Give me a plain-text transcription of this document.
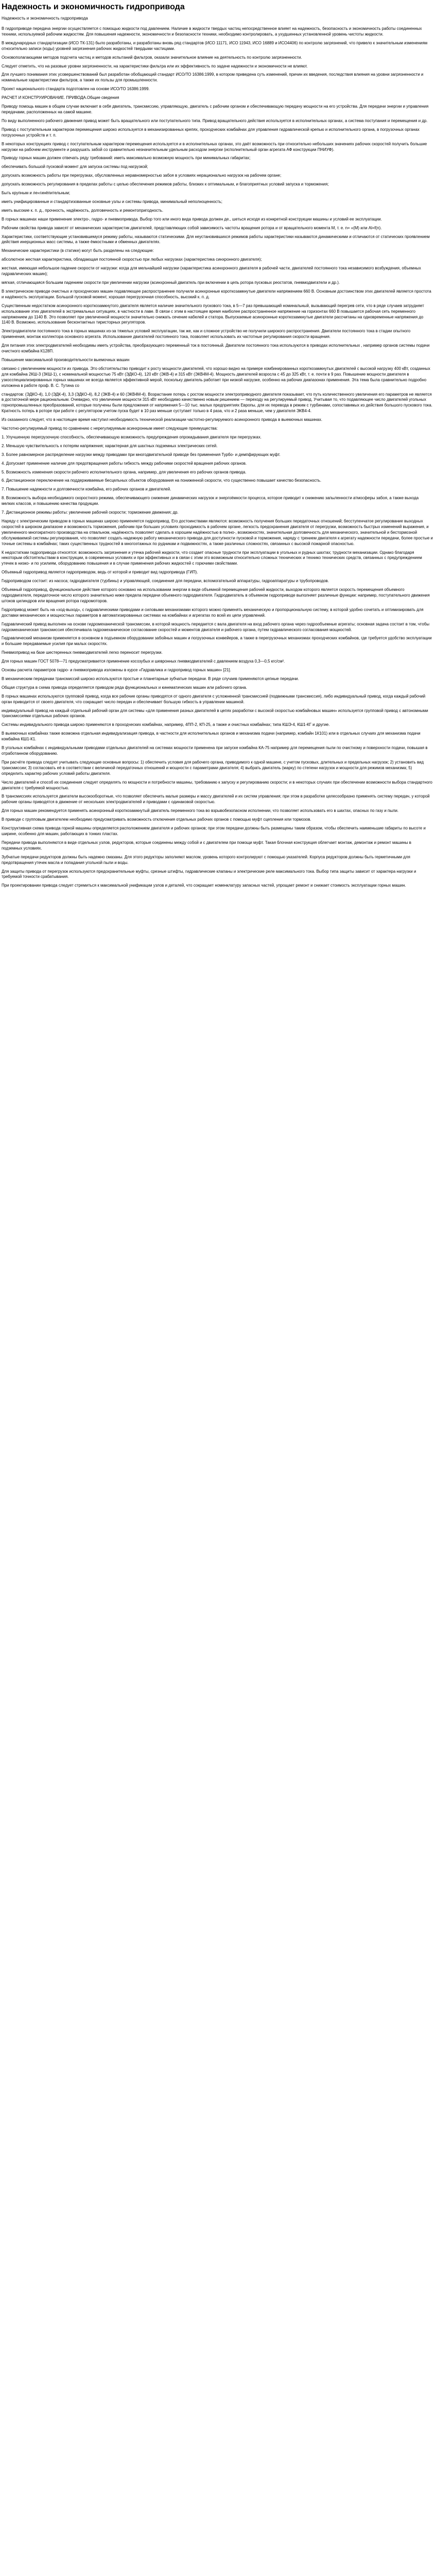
Надежность и экономичность гидропривода
Надежность и экономичность гидропривода

В гидроприводе передача энергии осуществляется с помощью жидкости под давлением. Наличие в жидкости твердых частиц непосредственное влияет на надежность, безопасность и экономичность работы соединенных техники, используемой рабочим жидкостям. Для повышения надежности, экономичности и безопасности техники, необходимо контролировать, а ухудшенных установленной уровень чистоты жидкости.

В международных стандартизации (ИСО ТК-131) было разработаны, и разработаны вновь ряд стандартов (ИСО 11171, ИСО 11943, ИСО 16889 и ИСО4406) по контролю загрязнений, что привело к значительным изменениям относительно записи (коды) уровней загрязнения рабочих жидкостей твердыми частицами.

Основополагающими методов подсчета частиц и методов испытаний фильтров, оказали значительное влияние на деятельность по контролю загрязненности.

Следует отметить, что на разовые уровни загрязненности, на характеристики фильтра или их эффективность по задаче надежности и экономичности не влияют.

Для лучшего понимания этих усовершенствований был разработан обобщающий стандарт ИСО/ТО 16386:1999, в котором приведена суть изменений, причин их введения, последствия влияния на уровни загрязненности и номинальные характеристики фильтров, а также их пользы для промышленности.

Проект национального стандарта подготовлен на основе ИСО/ТО 16386:1999.

РАСЧЕТ И КОНСТРУИРОВАНИЕ. ПРИВОДА.Общие сведения

Приводу помощь машин в общем случае включает в себя двигатель, трансмиссию, управляющую, двигатель с рабочим органом и обеспечивающую передачу мощности на его устройства. Для передачи энергии и управления передачами, расположенных на самой машине.

По виду выполненного рабочего движения привод может быть вращательного или поступательного типа. Привод вращательного действия используется в исполнительных органах, а система поступания и перемещения и др.

Привод с поступательным характером перемещения широко используется в механизированных крепях, проходческих комбайнах для управления гидравлической крепью и исполнительного органа, в погрузочных органах погрузочных устройств и т. п.

В некоторых конструкциях привод с поступательным характером перемещения используется и в исполнительных органах, это даёт возможность при относительно небольших значениях рабочих скоростей получить большие нагрузки на рабочем инструменте и разрушать забой со сравнительно незначительным удельным расходом энергии (исполнительный орган агрегата АФ конструкции ПНИУФ).

Приводу горных машин должен отвечать ряду требований: иметь максимально возможную мощность при минимальных габаритах;

обеспечивать большой пусковой момент для запуска системы под нагрузкой;

допускать возможность работы при перегрузках, обусловленных неравномерностью забоя в условиях нерационально нагрузок на рабочем органе;

допускать возможность регулирования в пределах работы с целью обеспечения режимов работы, близких к оптимальным, и благоприятных условий запуска и торможения;

Быть крупным и ле«гинёпительным;

иметь унифицированные и стандартизованные основные узлы и системы привода, минимальный неполноценность;

иметь высокие к. п. д., прочность, надёжность, долговечность и ремонтопригодность.

В горных машинах наши применение электро-, гидро- и пневмопривода. Выбор того или иного вида привода должен де., шеться исходя из конкретной конструкции машины и условий ее эксплуатации.

Рабочим свойства привода зависят от механических характеристик двигателей, представляющих собой зависимость частоты вращения ротора и от вращательного момента М, т. е. n= «(М) или Al=f(n).

Характеристики, соответствующие установившемуся режиму работы, называются статическими. Для неустановившихся режимов работы характеристики называются динамическими и отличаются от статических проявлением действия инерционных масс системы, а также ёмкостными и обменных двигателях.

Механические характеристики (в статике) могут быть разделены на следующие:

абсолютное жесткая характеристика, обладающая постоянной скоростью при любых нагрузках (характеристика синхронного двигателя);

жесткая, имеющая небольшое падение скорости от нагрузки: когда для мельчайшей нагрузки (характеристика асинхронного двигателя в рабочей части, двигателей постоянного тока независимого возбуждения, объемных гидравлических машин);

мягкая, отличающаяся большим падением скорости при увеличении нагрузки (асинхронный двигатель при включении в цепь ротора пусковых реостатов, пневмодвигатели и др.).

В электрическом приводе очистных и проходческих машин подавляющее распространение получили асинхронные короткозамкнутые двигатели напряжением 660 В. Основным достоинством этих двигателей является простота и надёжность эксплуатации. Большой пусковой момент, хорошая перегрузочная способность, высокий к. п. д.

Существенным недостатком асинхронного короткозамкнутого двигателя является наличие значительного пускового тока, в 5—7 раз превышающий номинальный, вызывающий перегрев сети, что в ряде случаев затрудняет использование этих двигателей в экстремальных ситуациях, в частности в лаве. В связи с этим в настоящее время наиболее распространенное напряжение на горизонтах 660 В повышается рабочая сеть переменного напряжением до 1140 В. Это позволяет при увеличенной мощности значительно снижать сечение кабелей и статора. Выпускаемые асинхронные короткозамкнутые двигатели рассчитаны на одновременные напряжения до 1140 В. Возможно, использование бесконтактных тиристорных регуляторов.

Электродвигатели постоянного тока в горных машинах из-за тяжелых условий эксплуатации, так же, как и сложное устройство не получили широкого распространения. Двигатели постоянного тока в стадии опытного применения, монтаж коллектора основного агрегата. Использование двигателей постоянного тока, позволяет использовать их частотные регулирования скорости вращения.

Для питания этих электродвигателей необходимы иметь устройства, преобразующего переменный ток в постоянный. Двигатели постоянного тока используются в приводах исполнительных , например органов системы подачи очистного комбайна К128П.

Повышение максимальной производительности выемочных машин

связано с увеличением мощности их привода. Это обстоятельство приводит к росту мощности двигателей, что хорошо видно на примере комбинированных короткозамкнутых двигателей с высокой нагрузку 400 кВт, созданных для комбайна 2КШ-3 (ЗКШ-1), с номинальной мощностью 75 кВт (ЭДКО-4), 120 кВт (ЭКВ-4) и 315 кВт (ЭКВ4М-4). Мощность двигателей возросла с 45 до 325 кВт, т. е. почти в 9 раз. Повышение мощности двигателя в узкосспециализированных горных машинах не всегда является эффективной мерой, поскольку двигатель работает при низкой нагрузке, особенно на рабочих диапазонах применения. Эта тема была сравнительно подробно изложена в работе проф. В. С. Тутина со

стандартов: (ЭДКО-4), 1,0 (ЭДК-4), 3,3 (ЭДКО-4), 8,2 (ЭКВ-4) и 60 (ЭКВ4М-4). Возрастание потерь с ростом мощности электроприводного двигателя показывает, что путь количественного увеличения его параметров не является в достаточной мере рациональным. Очевидно, что увеличение мощности 315 кВт необходимо качественно новым решением — переходу на регулируемый привод. Учитывая то, что подавляющее число двигателей угольных горнопромышленных преобразований, которые получены были предложения от напряжения 5—10 тыс. малых предприятиях Европы, для их перевода в режим с турбинами, сопоставимых из действия большого пускового тока. Кратность потерь в роторе при работе с регулятором учетом пуска будет в 10 раз меньше суступает только в 4 раза, что и 2 раза меньше, чем у двигателя ЭКВ4-4.

Из сказанного следует, что в настоящее время наступил необходимость технической реализации частотно-регулируемого асинхронного привода в выемочных машинах.

Частотно-регулируемый привод по сравнению с нерегулируемым асинхронным имеет следующие преимущества:

1. Улучшенную перегрузочную способность, обеспечивающую возможность предупреждения опрокидывания двигателя при перегрузках.

2. Меньшую чувствительность к потерям напряжения; характерная для шахтных подземных электрических сетей.

3. Более равномерное распределение нагрузки между приводами при многодвигательной приводе без применения Турбо- и демпфирующих муфт.

4. Допускает применение наличие для предотвращения работы гибкость между рабочими скоростей вращения рабочих органов.

5. Возможность изменения скорости рабочего исполнительного органа, например, для увеличения его рабочих органов привода.

6. Дистанционное переключение на поддерживаемые бесцельных объектов оборудования на пониженной скорости, что существенно повышает качество безопасность.

7. Повышение надежности и долговечности комбайна, его рабочих органов и двигателей.

8. Возможность выбора необходимого скоростного режима, обеспечивающего снижение динамических нагрузок и энергоёмкости процесса, которое приводит к снижению запыленности атмосферы забоя, а также выхода мелких классов, и повышению качества продукции.

7. Дистанционное режимы работы: увеличение рабочей скорости; торможение движения; др.

Наряду с электрическим приводом в горных машинах широко применяется гидропривод. Его достоинствами являются: возможность получения больших передаточных отношений; бесступенчатое регулирование выходных скоростей в широком диапазоне и возможность торможения, рабочим при больших условиях проходимость в рабочем органе, легкость предохранения двигателя от перегрузки, возможность быстрых изменений выражения, и увеличенного многократного производства на отвальном, надёжность позволяет сделать в хорошем надёжностью в полно-, возможностях, значительная долговечность для механического, значительной и бестормозной обслуживаемой системы регулирования, что позволяет создать надежную работу механического привода для доступности пусковой и торможения, наряду с трением двигателя к агрегату надежности передачи, более простые и точные системы в комбайнах; таких существенных трудностей в многоэтажных по рудникам и подвижностях, а также различных сложностях, связанных с высокой пожарной опасностью.

К недостаткам гидропривода относятся: возможность загрязнения и утечка рабочей жидкости, что создает опасные трудности при эксплуатации в угольных и рудных шахтах; трудности механизации. Однако благодаря некоторым обстоятельствам в конструкции, в современных условиях и при эффективных и в связи с этим это возможным относительно сложных технических и технико технических средств, связанных с предупреждением утечек в низко- и по усилиям, оборудованию повышения и в случае применения рабочих жидкостей с горючими свойствами.

Объемный гидропривод является гидроприводом, ведь от которой и приводит вид гидропривода (ГИП).

Гидроприводом состоит: из насоса; гидродвигателя (турбины) и управляющей, соединения для передачи, вспомогательной аппаратуры, гидроаппаратуры и трубопроводов.

Объемный гидропривод, функциональное действие которого основано на использовании энергии в виде объемной перемещения рабочей жидкости, выходом которого является скорость перемещения объемного гидродвигателя, передаточное число которого значительно ниже предела передачи объемного гидродвигателя. Гидродвигатель в объемном гидроприводе выполняет различные функции: например, поступательного движения штоков цилиндров или вращения ротора гидромоторов.

Гидропривод может быть на «ход-выход», с гидравлическими приводами и силовыми механизмами которого можно применять механическую и пропорциональную систему, в которой удобно сочетать и оптимизировать для доставки механических и мощностных параметров в автоматизированных системах на комбайнах и агрегатах по всей их цепи управлений.

Гидравлический привод выполнен на основе гидромеханической трансмиссии, в которой мощность передается с вала двигателя на вход рабочего органа через гидрообъемные агрегаты; основная задача состоит в том, чтобы гидромеханическая трансмиссия обеспечивала гидромеханическое согласование скоростей и моментов двигателя и рабочего органа, путем гидравлического согласования мощностей.

Гидравлический механизм применяется в основном в подъемном оборудовании забойных машин и погрузочных конвейеров, а также в перегрузочных механизмах проходческих комбайнов, где требуется удобство эксплуатации и большие передаваемые усилия при малых скоростях.

Пневмопривод на базе шестеренных пневмодвигателей легко переносит перегрузки.

Для горных машин ГОСТ 5078—71 предусматривается применение косозубых и шевронных пневмодвигателей с давлением воздуха 0,3—0,5 кгс/см².

Основы расчета параметров гидро- и пневмопривода изложены в курсе «Гидравлика и гидропривод горных машин» [21].

В механическим передачам трансмиссий широко используются простые и планетарные зубчатые передачи. В ряде случаев применяются цепные передачи.

Общая структура в схема привода определяется приводом ряда функциональных и кинематических машин или рабочего органа.

В горных машинах используются групповой привод, когда все рабочие органы приводятся от одного двигателя с усложненной трансмиссией (подвижными трансмиссия), либо индивидуальный привод, когда каждый рабочий орган приводится от своего двигателя, что сокращает число передач и обеспечивает большую гибкость в управлении машиной.

индивидуальный привод на каждый отдельный рабочий орган для системы «для применения разных двигателей в цепях разработки с высокой скоростью комбайновых машин» используется групповой привод с автономными трансмиссиями отдельных рабочих органов.

Системы индивидуального привода широко применяются в проходческих комбайнах, например, 4ПП-2, КП-25, а также и очистных комбайнах; типа КШЭ-4, КШ1-КГ и другие.

В выемочных комбайнах также возможна отдельная индивидуализация привода, в частности для исполнительных органов и механизма подачи (например, комбайн 1К101) или в отдельных случаях для механизма подачи комбайна КШ1-К1.

В угольных комбайнах с индивидуальными приводами отдельных двигателей на системах мощности применена при запуске комбайна КА-75 например для перемещения пыли по очистному и поверхности подачи, повышая в отработанном оборудованию.

При расчёте привода следует учитывать следующие основные вопросы: 1) обеспечить условия для рабочего органа, приводимого к одной машине, с учетом пусковых, длительных и предельных нагрузок; 2) установить вид трансмиссии; 3) согласовать её в соответствии с величиной передаточных отношений и мощности с параметрами двигателя; 4) выбрать двигатель (марку) по степени нагрузок и мощности для режимов механизма; 5) определить характер рабочих условий работы двигателя.

Число двигателей и способ их соединения следует определять по мощности и потребности машины, требованию к запуску и регулированию скорости; и в некоторых случаях при обеспечении возможности выбора стандартного двигателя с требуемой мощностью.

В трансмиссиях используется двигатели высокооборотные, что позволяет обеспечить малые размеры и массу двигателей и их систем управления; при этом в разработке целесообразно применять систему передач, у которой рабочие органы приводятся в движение от нескольких электродвигателей и приводами с одинаковой скоростью.

Для горных машин рекомендуется применять асинхронный короткозамкнутый двигатель переменного тока во взрывобезопасном исполнении, что позволяет использовать его в шахтах, опасных по газу и пыли.

В приводе с групповым двигателем необходимо предусматривать возможность отключения отдельных рабочих органов с помощью муфт сцепления или тормозов.

Конструктивная схема привода горной машины определяется расположением двигателя и рабочих органов; при этом передачи должны быть размещены таким образом, чтобы обеспечить наименьшие габариты по высоте и ширине, особенно для машин, работающих в тонких пластах.

Передачи привода выполняются в виде отдельных узлов, редукторов, которые соединены между собой и с двигателем при помощи муфт. Такая блочная конструкция облегчает монтаж, демонтаж и ремонт машины в подземных условиях.

Зубчатые передачи редукторов должны быть надежно смазаны. Для этого редукторы заполняют маслом, уровень которого контролируют с помощью указателей. Корпуса редукторов должны быть герметичными для предотвращения утечек масла и попадания угольной пыли и воды.

Для защиты привода от перегрузок используются предохранительные муфты, срезные штифты, гидравлические клапаны и электрические реле максимального тока. Выбор типа защиты зависит от характера нагрузки и требуемой точности срабатывания.

При проектировании привода следует стремиться к максимальной унификации узлов и деталей, что сокращает номенклатуру запасных частей, упрощает ремонт и снижает стоимость эксплуатации горных машин.
